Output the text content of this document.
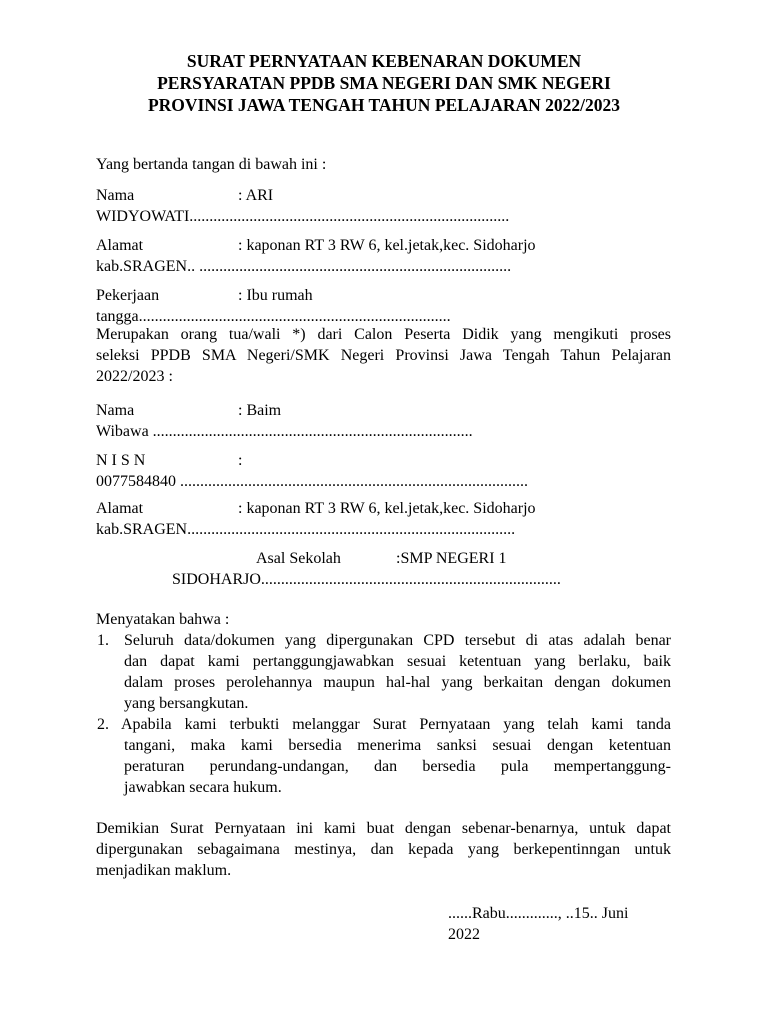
SURAT PERNYATAAN KEBENARAN DOKUMEN
PERSYARATAN PPDB SMA NEGERI DAN SMK NEGERI
PROVINSI JAWA TENGAH TAHUN PELAJARAN 2022/2023
Yang bertanda tangan di bawah ini :
Nama	: ARI
WIDYOWATI................................................................................
Alamat	: kaponan RT 3 RW 6, kel.jetak,kec. Sidoharjo
kab.SRAGEN.. ..............................................................................
Pekerjaan	: Ibu rumah
tangga..............................................................................
Merupakan orang tua/wali *) dari Calon Peserta Didik yang mengikuti proses
seleksi PPDB SMA Negeri/SMK Negeri Provinsi Jawa Tengah Tahun Pelajaran
2022/2023 :
Nama	: Baim
Wibawa ................................................................................
N I S N	:
0077584840 .......................................................................................
Alamat	: kaponan RT 3 RW 6, kel.jetak,kec. Sidoharjo
kab.SRAGEN..................................................................................
Asal Sekolah	:SMP NEGERI 1
SIDOHARJO...........................................................................
Menyatakan bahwa :
1. Seluruh data/dokumen yang dipergunakan CPD tersebut di atas adalah benar
dan dapat kami pertanggungjawabkan sesuai ketentuan yang berlaku, baik
dalam proses perolehannya maupun hal-hal yang berkaitan dengan dokumen
yang bersangkutan.
2. Apabila kami terbukti melanggar Surat Pernyataan yang telah kami tanda
tangani, maka kami bersedia menerima sanksi sesuai dengan ketentuan
peraturan perundang-undangan, dan bersedia pula mempertanggung-
jawabkan secara hukum.
Demikian Surat Pernyataan ini kami buat dengan sebenar-benarnya, untuk dapat
dipergunakan sebagaimana mestinya, dan kepada yang berkepentinngan untuk
menjadikan maklum.
......Rabu............., ..15.. Juni
2022
